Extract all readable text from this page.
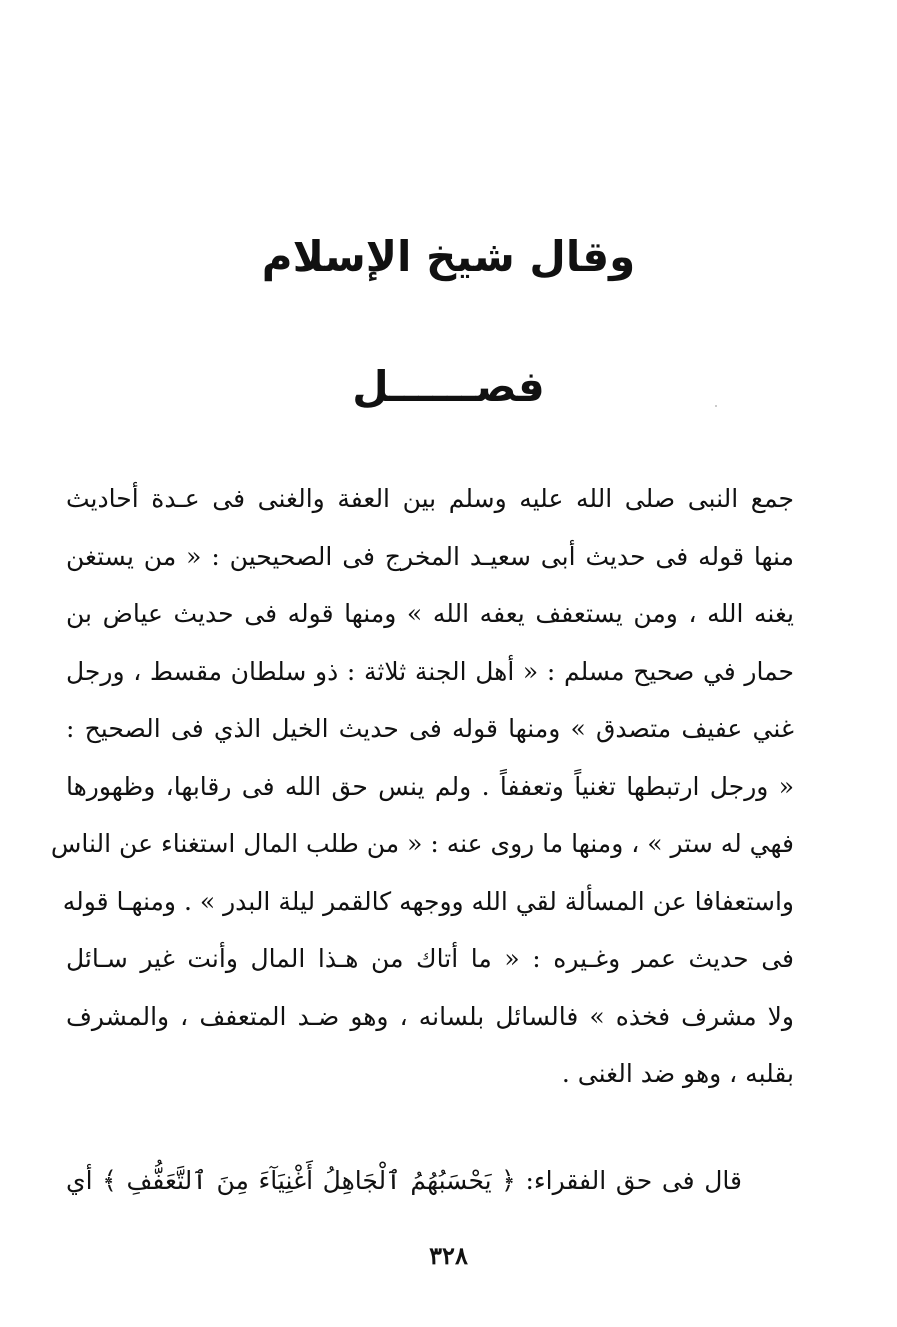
وقال شيخ الإسلام
فصــــــل
جمع النبى صلى الله عليه وسلم بين العفة والغنى فى عـدة أحاديث
منها قوله فى حديث أبى سعيـد المخرج فى الصحيحين : « من يستغن
يغنه الله ، ومن يستعفف يعفه الله » ومنها قوله فى حديث عياض بن
حمار في صحيح مسلم : « أهل الجنة ثلاثة : ذو سلطان مقسط ، ورجل
غني عفيف متصدق » ومنها قوله فى حديث الخيل الذي فى الصحيح :
« ورجل ارتبطها تغنياً وتعففاً . ولم ينس حق الله فى رقابها، وظهورها
فهي له ستر » ، ومنها ما روى عنه : « من طلب المال استغناء عن الناس
واستعفافا عن المسألة لقي الله ووجهه كالقمر ليلة البدر » . ومنهـا قوله
فى حديث عمر وغـيره : « ما أتاك من هـذا المال وأنت غير سـائل
ولا مشرف فخذه » فالسائل بلسانه ، وهو ضـد المتعفف ، والمشرف
بقلبه ، وهو ضد الغنى .
قال فى حق الفقراء: ﴿ يَحْسَبُهُمُ ٱلْجَاهِلُ أَغْنِيَآءَ مِنَ ٱلتَّعَفُّفِ ﴾ أي
٣٢٨
